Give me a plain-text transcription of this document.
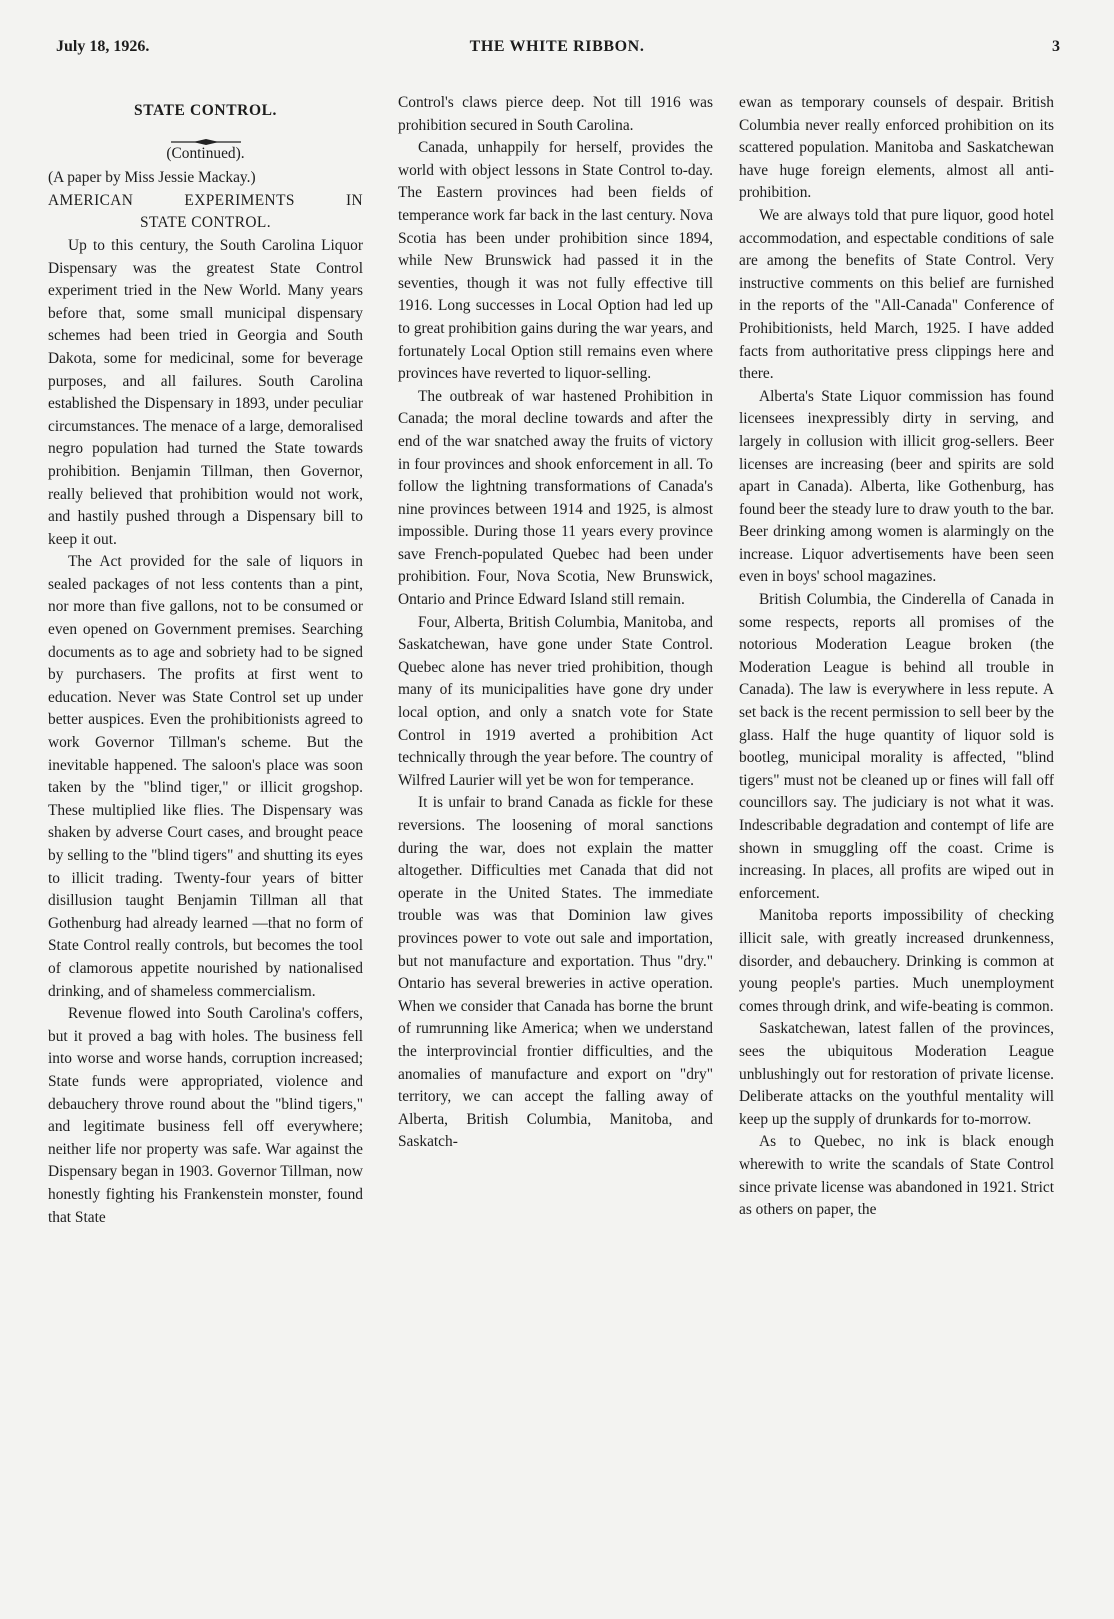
July 18, 1926.	THE WHITE RIBBON.	3
STATE CONTROL.
(Continued).
(A paper by Miss Jessie Mackay.)
AMERICAN EXPERIMENTS IN
STATE CONTROL.

Up to this century, the South Carolina Liquor Dispensary was the greatest State Control experiment tried in the New World. Many years before that, some small municipal dispensary schemes had been tried in Georgia and South Dakota, some for medicinal, some for beverage purposes, and all failures. South Carolina established the Dispensary in 1893, under peculiar circumstances. The menace of a large, demoralised negro population had turned the State towards prohibition. Benjamin Tillman, then Governor, really believed that prohibition would not work, and hastily pushed through a Dispensary bill to keep it out.

The Act provided for the sale of liquors in sealed packages of not less contents than a pint, nor more than five gallons, not to be consumed or even opened on Government premises. Searching documents as to age and sobriety had to be signed by purchasers. The profits at first went to education. Never was State Control set up under better auspices. Even the prohibitionists agreed to work Governor Tillman's scheme. But the inevitable happened. The saloon's place was soon taken by the "blind tiger," or illicit grogshop. These multiplied like flies. The Dispensary was shaken by adverse Court cases, and brought peace by selling to the "blind tigers" and shutting its eyes to illicit trading. Twenty-four years of bitter disillusion taught Benjamin Tillman all that Gothenburg had already learned —that no form of State Control really controls, but becomes the tool of clamorous appetite nourished by nationalised drinking, and of shameless commercialism.

Revenue flowed into South Carolina's coffers, but it proved a bag with holes. The business fell into worse and worse hands, corruption increased; State funds were appropriated, violence and debauchery throve round about the "blind tigers," and legitimate business fell off everywhere; neither life nor property was safe. War against the Dispensary began in 1903. Governor Tillman, now honestly fighting his Frankenstein monster, found that State

Control's claws pierce deep. Not till 1916 was prohibition secured in South Carolina.

Canada, unhappily for herself, provides the world with object lessons in State Control to-day. The Eastern provinces had been fields of temperance work far back in the last century. Nova Scotia has been under prohibition since 1894, while New Brunswick had passed it in the seventies, though it was not fully effective till 1916. Long successes in Local Option had led up to great prohibition gains during the war years, and fortunately Local Option still remains even where provinces have reverted to liquor-selling.

The outbreak of war hastened Prohibition in Canada; the moral decline towards and after the end of the war snatched away the fruits of victory in four provinces and shook enforcement in all. To follow the lightning transformations of Canada's nine provinces between 1914 and 1925, is almost impossible. During those 11 years every province save French-populated Quebec had been under prohibition. Four, Nova Scotia, New Brunswick, Ontario and Prince Edward Island still remain.

Four, Alberta, British Columbia, Manitoba, and Saskatchewan, have gone under State Control. Quebec alone has never tried prohibition, though many of its municipalities have gone dry under local option, and only a snatch vote for State Control in 1919 averted a prohibition Act technically through the year before. The country of Wilfred Laurier will yet be won for temperance.

It is unfair to brand Canada as fickle for these reversions. The loosening of moral sanctions during the war, does not explain the matter altogether. Difficulties met Canada that did not operate in the United States. The immediate trouble was was that Dominion law gives provinces power to vote out sale and importation, but not manufacture and exportation. Thus "dry." Ontario has several breweries in active operation. When we consider that Canada has borne the brunt of rumrunning like America; when we understand the interprovincial frontier difficulties, and the anomalies of manufacture and export on "dry" territory, we can accept the falling away of Alberta, British Columbia, Manitoba, and Saskatch-

ewan as temporary counsels of despair. British Columbia never really enforced prohibition on its scattered population. Manitoba and Saskatchewan have huge foreign elements, almost all anti-prohibition.

We are always told that pure liquor, good hotel accommodation, and espectable conditions of sale are among the benefits of State Control. Very instructive comments on this belief are furnished in the reports of the "All-Canada" Conference of Prohibitionists, held March, 1925. I have added facts from authoritative press clippings here and there.

Alberta's State Liquor commission has found licensees inexpressibly dirty in serving, and largely in collusion with illicit grog-sellers. Beer licenses are increasing (beer and spirits are sold apart in Canada). Alberta, like Gothenburg, has found beer the steady lure to draw youth to the bar. Beer drinking among women is alarmingly on the increase. Liquor advertisements have been seen even in boys' school magazines.

British Columbia, the Cinderella of Canada in some respects, reports all promises of the notorious Moderation League broken (the Moderation League is behind all trouble in Canada). The law is everywhere in less repute. A set back is the recent permission to sell beer by the glass. Half the huge quantity of liquor sold is bootleg, municipal morality is affected, "blind tigers" must not be cleaned up or fines will fall off councillors say. The judiciary is not what it was. Indescribable degradation and contempt of life are shown in smuggling off the coast. Crime is increasing. In places, all profits are wiped out in enforcement.

Manitoba reports impossibility of checking illicit sale, with greatly increased drunkenness, disorder, and debauchery. Drinking is common at young people's parties. Much unemployment comes through drink, and wife-beating is common.

Saskatchewan, latest fallen of the provinces, sees the ubiquitous Moderation League unblushingly out for restoration of private license. Deliberate attacks on the youthful mentality will keep up the supply of drunkards for to-morrow.

As to Quebec, no ink is black enough wherewith to write the scandals of State Control since private license was abandoned in 1921. Strict as others on paper, the
